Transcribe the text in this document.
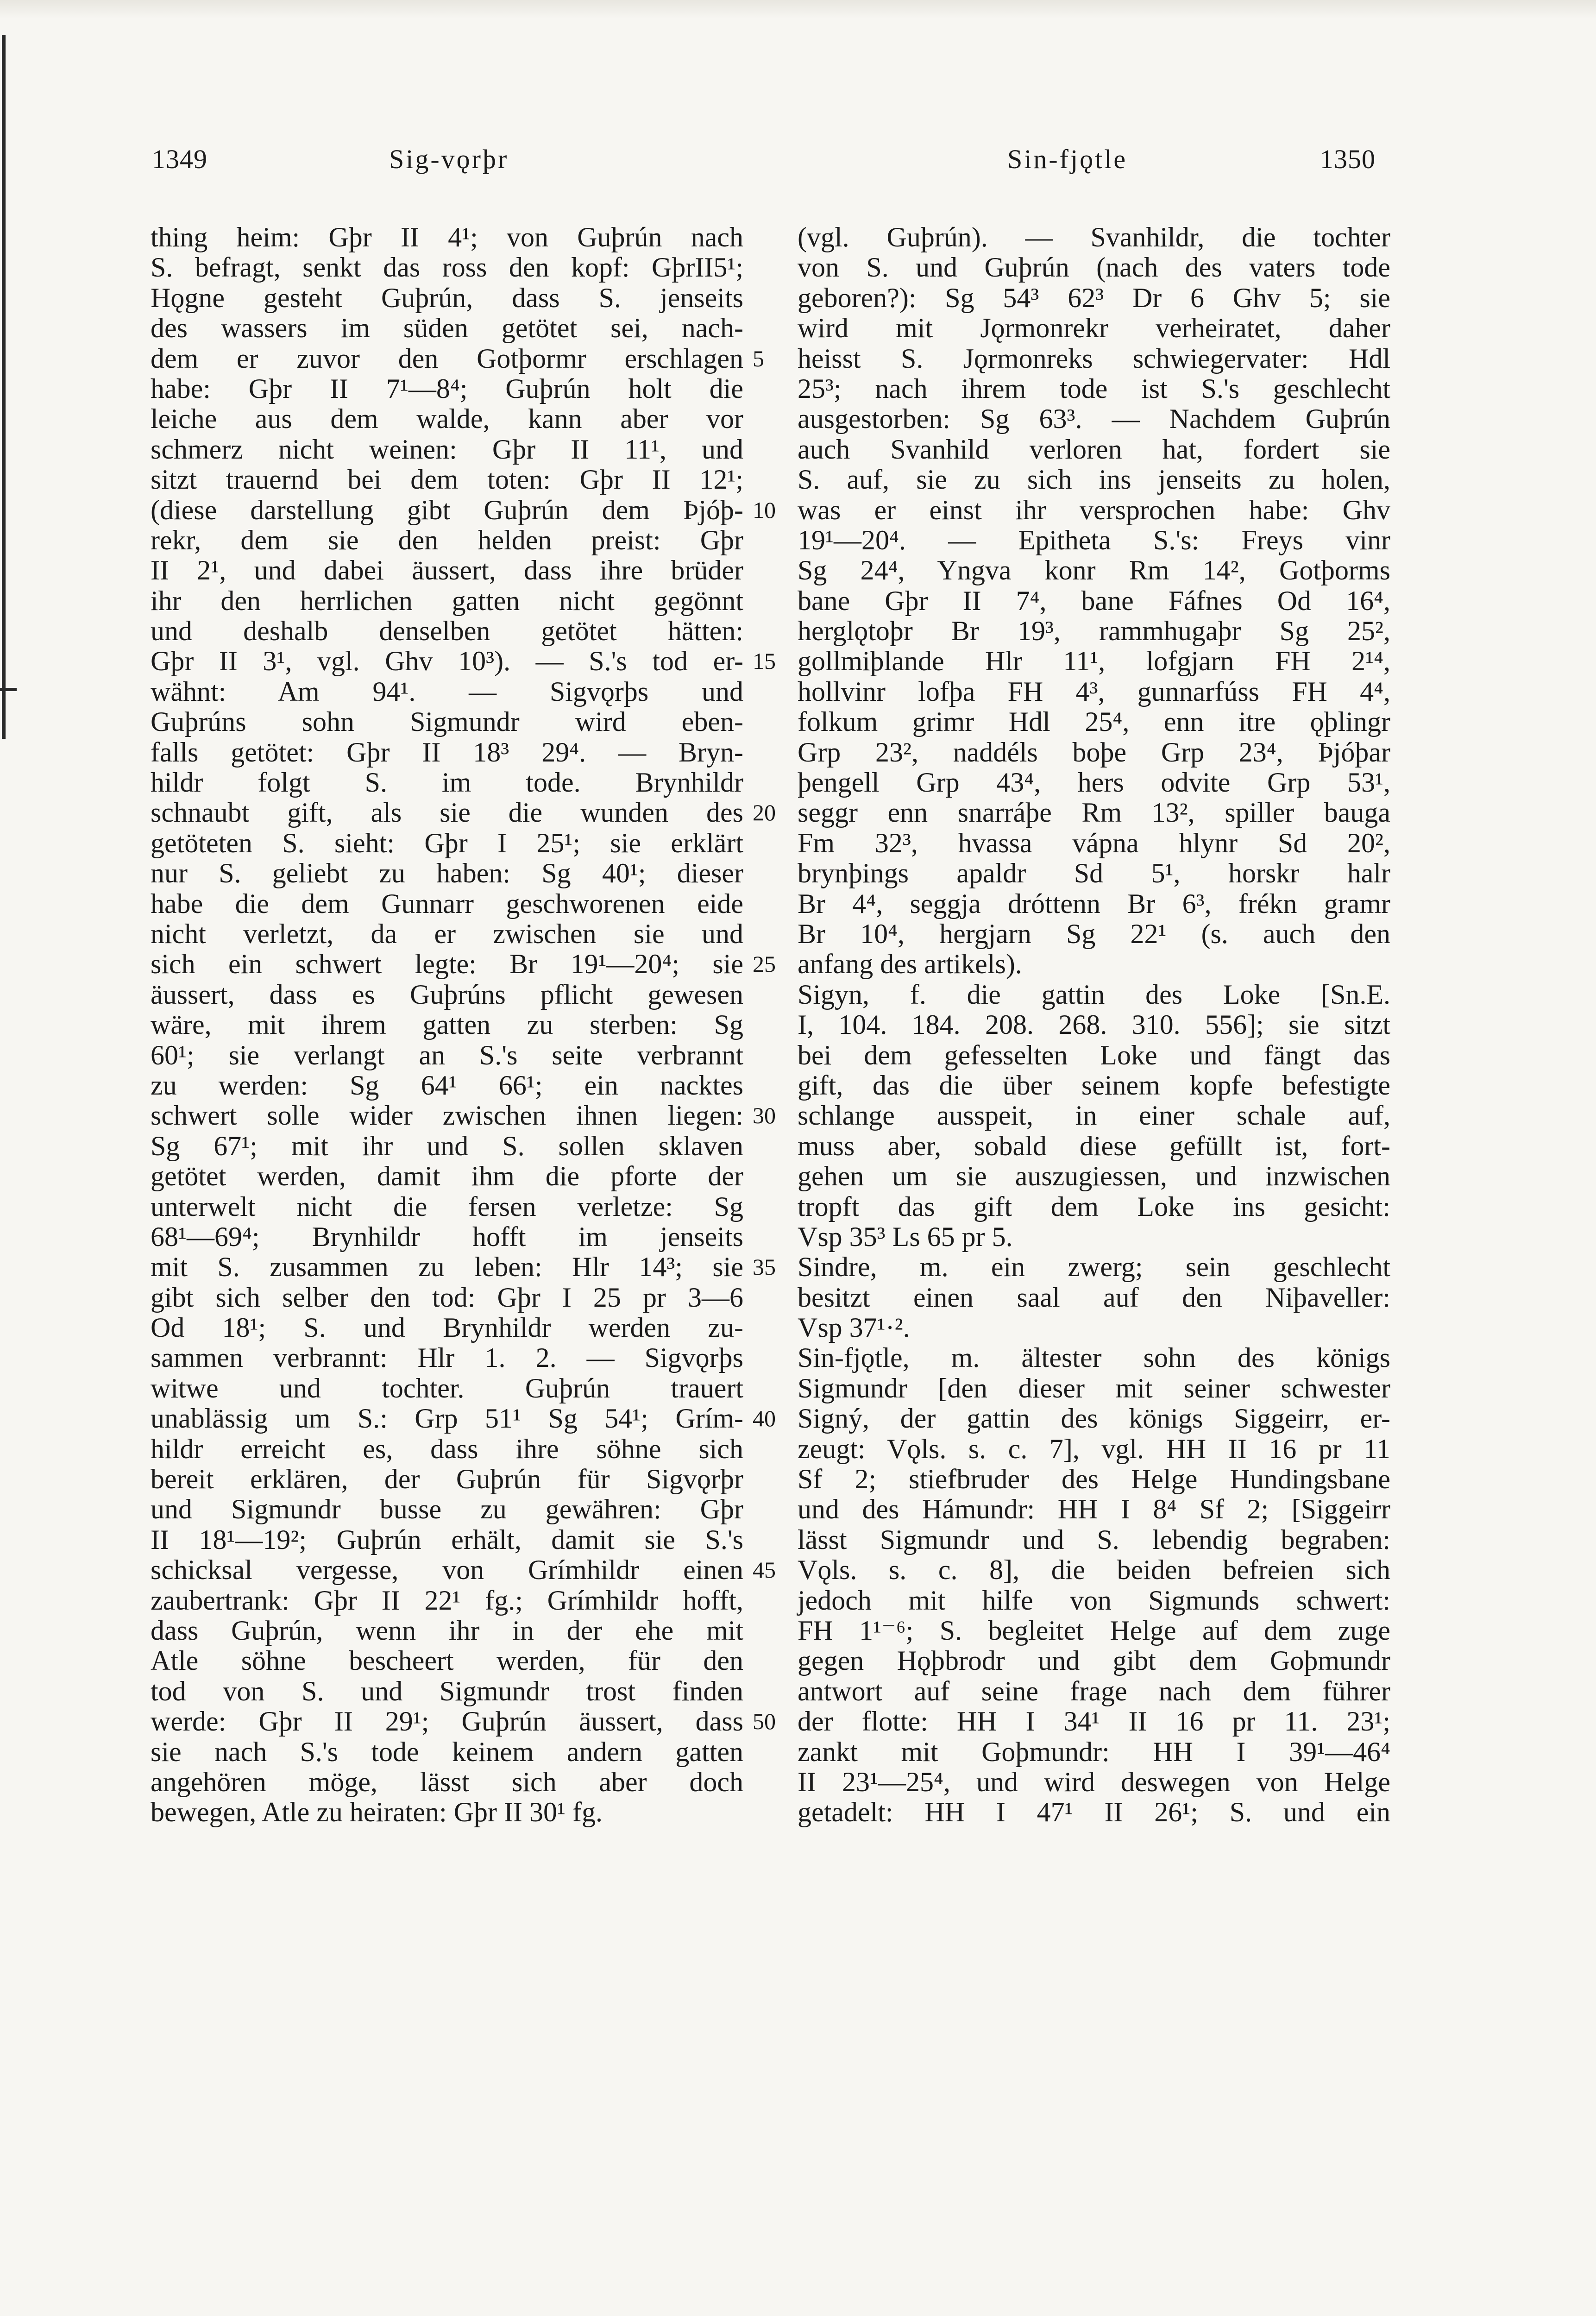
1349	Sig-vǫrþr	Sin-fjǫtle	1350
thing heim: Gþr II 4¹; von Guþrún nach
S. befragt, senkt das ross den kopf: GþrII5¹;
Hǫgne gesteht Guþrún, dass S. jenseits
des wassers im süden getötet sei, nach-
dem er zuvor den Gotþormr erschlagen
habe: Gþr II 7¹—8⁴; Guþrún holt die
leiche aus dem walde, kann aber vor
schmerz nicht weinen: Gþr II 11¹, und
sitzt trauernd bei dem toten: Gþr II 12¹;
(diese darstellung gibt Guþrún dem Þjóþ-
rekr, dem sie den helden preist: Gþr
II 2¹, und dabei äussert, dass ihre brüder
ihr den herrlichen gatten nicht gegönnt
und deshalb denselben getötet hätten:
Gþr II 3¹, vgl. Ghv 10³). — S.'s tod er-
wähnt: Am 94¹. — Sigvǫrþs und
Guþrúns sohn Sigmundr wird eben-
falls getötet: Gþr II 18³ 29⁴. — Bryn-
hildr folgt S. im tode. Brynhildr
schnaubt gift, als sie die wunden des
getöteten S. sieht: Gþr I 25¹; sie erklärt
nur S. geliebt zu haben: Sg 40¹; dieser
habe die dem Gunnarr geschworenen eide
nicht verletzt, da er zwischen sie und
sich ein schwert legte: Br 19¹—20⁴; sie
äussert, dass es Guþrúns pflicht gewesen
wäre, mit ihrem gatten zu sterben: Sg
60¹; sie verlangt an S.'s seite verbrannt
zu werden: Sg 64¹ 66¹; ein nacktes
schwert solle wider zwischen ihnen liegen:
Sg 67¹; mit ihr und S. sollen sklaven
getötet werden, damit ihm die pforte der
unterwelt nicht die fersen verletze: Sg
68¹—69⁴; Brynhildr hofft im jenseits
mit S. zusammen zu leben: Hlr 14³; sie
gibt sich selber den tod: Gþr I 25 pr 3—6
Od 18¹; S. und Brynhildr werden zu-
sammen verbrannt: Hlr 1. 2. — Sigvǫrþs
witwe und tochter. Guþrún trauert
unablässig um S.: Grp 51¹ Sg 54¹; Grím-
hildr erreicht es, dass ihre söhne sich
bereit erklären, der Guþrún für Sigvǫrþr
und Sigmundr busse zu gewähren: Gþr
II 18¹—19²; Guþrún erhält, damit sie S.'s
schicksal vergesse, von Grímhildr einen
zaubertrank: Gþr II 22¹ fg.; Grímhildr hofft,
dass Guþrún, wenn ihr in der ehe mit
Atle söhne bescheert werden, für den
tod von S. und Sigmundr trost finden
werde: Gþr II 29¹; Guþrún äussert, dass
sie nach S.'s tode keinem andern gatten
angehören möge, lässt sich aber doch
bewegen, Atle zu heiraten: Gþr II 30¹ fg.
5
10
15
20
25
30
35
40
45
50
(vgl. Guþrún). — Svanhildr, die tochter
von S. und Guþrún (nach des vaters tode
geboren?): Sg 54³ 62³ Dr 6 Ghv 5; sie
wird mit Jǫrmonrekr verheiratet, daher
heisst S. Jǫrmonreks schwiegervater: Hdl
25³; nach ihrem tode ist S.'s geschlecht
ausgestorben: Sg 63³. — Nachdem Guþrún
auch Svanhild verloren hat, fordert sie
S. auf, sie zu sich ins jenseits zu holen,
was er einst ihr versprochen habe: Ghv
19¹—20⁴. — Epitheta S.'s: Freys vinr
Sg 24⁴, Yngva konr Rm 14², Gotþorms
bane Gþr II 7⁴, bane Fáfnes Od 16⁴,
herglǫtoþr Br 19³, rammhugaþr Sg 25²,
gollmiþlande Hlr 11¹, lofgjarn FH 2¹⁴,
hollvinr lofþa FH 4³, gunnarfúss FH 4⁴,
folkum grimr Hdl 25⁴, enn itre ǫþlingr
Grp 23², naddéls boþe Grp 23⁴, Þjóþar
þengell Grp 43⁴, hers odvite Grp 53¹,
seggr enn snarráþe Rm 13², spiller bauga
Fm 32³, hvassa vápna hlynr Sd 20²,
brynþings apaldr Sd 5¹, horskr halr
Br 4⁴, seggja dróttenn Br 6³, frékn gramr
Br 10⁴, hergjarn Sg 22¹ (s. auch den
anfang des artikels).
Sigyn, f. die gattin des Loke [Sn.E.
I, 104. 184. 208. 268. 310. 556]; sie sitzt
bei dem gefesselten Loke und fängt das
gift, das die über seinem kopfe befestigte
schlange ausspeit, in einer schale auf,
muss aber, sobald diese gefüllt ist, fort-
gehen um sie auszugiessen, und inzwischen
tropft das gift dem Loke ins gesicht:
Vsp 35³ Ls 65 pr 5.
Sindre, m. ein zwerg; sein geschlecht
besitzt einen saal auf den Niþaveller:
Vsp 37¹·².
Sin-fjǫtle, m. ältester sohn des königs
Sigmundr [den dieser mit seiner schwester
Signý, der gattin des königs Siggeirr, er-
zeugt: Vǫls. s. c. 7], vgl. HH II 16 pr 11
Sf 2; stiefbruder des Helge Hundingsbane
und des Hámundr: HH I 8⁴ Sf 2; [Siggeirr
lässt Sigmundr und S. lebendig begraben:
Vǫls. s. c. 8], die beiden befreien sich
jedoch mit hilfe von Sigmunds schwert:
FH 1¹⁻⁶; S. begleitet Helge auf dem zuge
gegen Hǫþbrodr und gibt dem Goþmundr
antwort auf seine frage nach dem führer
der flotte: HH I 34¹ II 16 pr 11. 23¹;
zankt mit Goþmundr: HH I 39¹—46⁴
II 23¹—25⁴, und wird deswegen von Helge
getadelt: HH I 47¹ II 26¹; S. und ein
